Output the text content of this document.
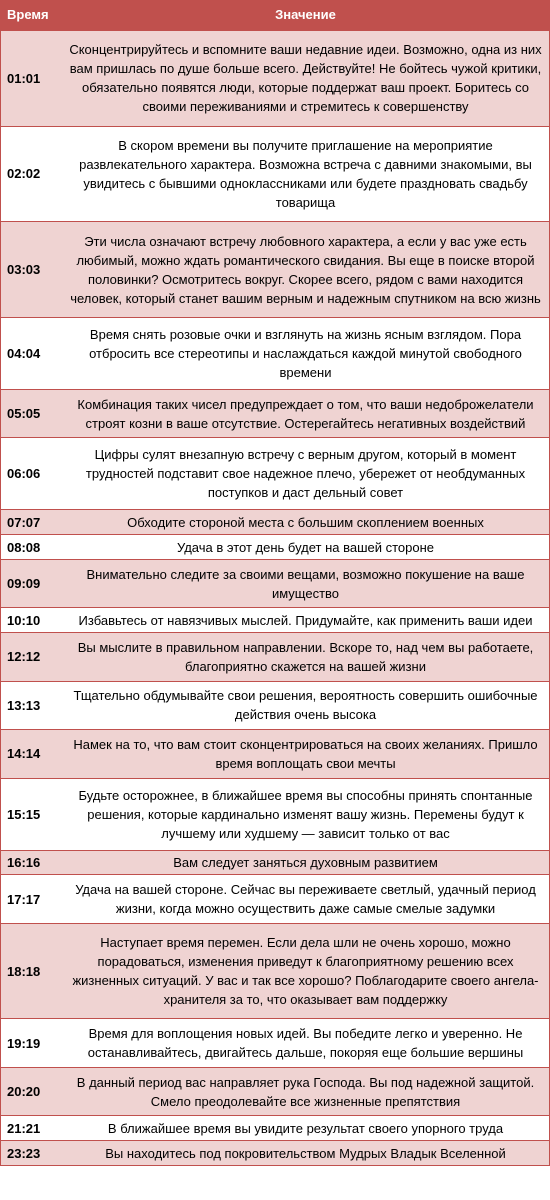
Время	Значение
01:01	Сконцентрируйтесь и вспомните ваши недавние идеи. Возможно, одна из них вам пришлась по душе больше всего. Действуйте! Не бойтесь чужой критики, обязательно появятся люди, которые поддержат ваш проект. Боритесь со своими переживаниями и стремитесь к совершенству
02:02	В скором времени вы получите приглашение на мероприятие развлекательного характера. Возможна встреча с давними знакомыми, вы увидитесь с бывшими одноклассниками или будете праздновать свадьбу товарища
03:03	Эти числа означают встречу любовного характера, а если у вас уже есть любимый, можно ждать романтического свидания. Вы еще в поиске второй половинки? Осмотритесь вокруг. Скорее всего, рядом с вами находится человек, который станет вашим верным и надежным спутником на всю жизнь
04:04	Время снять розовые очки и взглянуть на жизнь ясным взглядом. Пора отбросить все стереотипы и наслаждаться каждой минутой свободного времени
05:05	Комбинация таких чисел предупреждает о том, что ваши недоброжелатели строят козни в ваше отсутствие. Остерегайтесь негативных воздействий
06:06	Цифры сулят внезапную встречу с верным другом, который в момент трудностей подставит свое надежное плечо, убережет от необдуманных поступков и даст дельный совет
07:07	Обходите стороной места с большим скоплением военных
08:08	Удача в этот день будет на вашей стороне
09:09	Внимательно следите за своими вещами, возможно покушение на ваше имущество
10:10	Избавьтесь от навязчивых мыслей. Придумайте, как применить ваши идеи
12:12	Вы мыслите в правильном направлении. Вскоре то, над чем вы работаете, благоприятно скажется на вашей жизни
13:13	Тщательно обдумывайте свои решения, вероятность совершить ошибочные действия очень высока
14:14	Намек на то, что вам стоит сконцентрироваться на своих желаниях. Пришло время воплощать свои мечты
15:15	Будьте осторожнее, в ближайшее время вы способны принять спонтанные решения, которые кардинально изменят вашу жизнь. Перемены будут к лучшему или худшему — зависит только от вас
16:16	Вам следует заняться духовным развитием
17:17	Удача на вашей стороне. Сейчас вы переживаете светлый, удачный период жизни, когда можно осуществить даже самые смелые задумки
18:18	Наступает время перемен. Если дела шли не очень хорошо, можно порадоваться, изменения приведут к благоприятному решению всех жизненных ситуаций. У вас и так все хорошо? Поблагодарите своего ангела-хранителя за то, что оказывает вам поддержку
19:19	Время для воплощения новых идей. Вы победите легко и уверенно. Не останавливайтесь, двигайтесь дальше, покоряя еще большие вершины
20:20	В данный период вас направляет рука Господа. Вы под надежной защитой. Смело преодолевайте все жизненные препятствия
21:21	В ближайшее время вы увидите результат своего упорного труда
23:23	Вы находитесь под покровительством Мудрых Владык Вселенной
